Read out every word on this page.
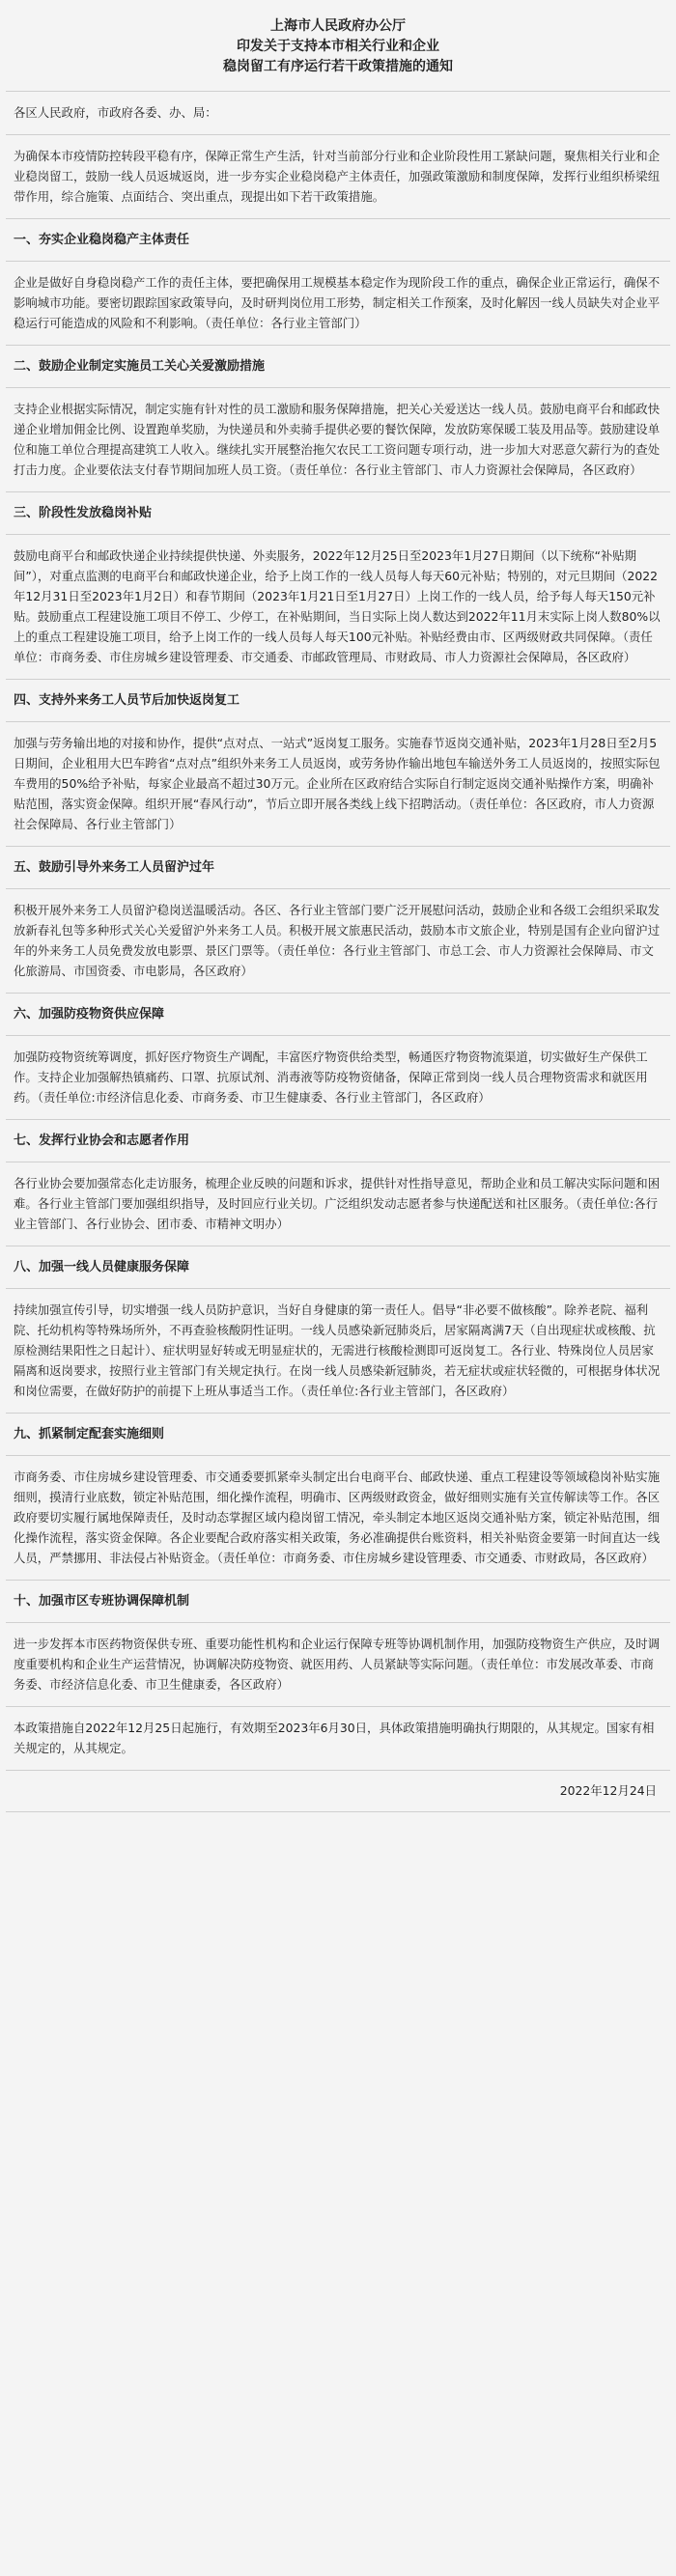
上海市人民政府办公厅
印发关于支持本市相关行业和企业
稳岗留工有序运行若干政策措施的通知

各区人民政府，市政府各委、办、局：

为确保本市疫情防控转段平稳有序，保障正常生产生活，针对当前部分行业和企业阶段性用工紧缺问题，聚焦相关行业和企业稳岗留工，鼓励一线人员返城返岗，进一步夯实企业稳岗稳产主体责任，加强政策激励和制度保障，发挥行业组织桥梁纽带作用，综合施策、点面结合、突出重点，现提出如下若干政策措施。

一、夯实企业稳岗稳产主体责任

企业是做好自身稳岗稳产工作的责任主体，要把确保用工规模基本稳定作为现阶段工作的重点，确保企业正常运行，确保不影响城市功能。要密切跟踪国家政策导向，及时研判岗位用工形势，制定相关工作预案，及时化解因一线人员缺失对企业平稳运行可能造成的风险和不利影响。（责任单位：各行业主管部门）

二、鼓励企业制定实施员工关心关爱激励措施

支持企业根据实际情况，制定实施有针对性的员工激励和服务保障措施，把关心关爱送达一线人员。鼓励电商平台和邮政快递企业增加佣金比例、设置跑单奖励，为快递员和外卖骑手提供必要的餐饮保障，发放防寒保暖工装及用品等。鼓励建设单位和施工单位合理提高建筑工人收入。继续扎实开展整治拖欠农民工工资问题专项行动，进一步加大对恶意欠薪行为的查处打击力度。企业要依法支付春节期间加班人员工资。（责任单位：各行业主管部门、市人力资源社会保障局，各区政府）

三、阶段性发放稳岗补贴

鼓励电商平台和邮政快递企业持续提供快递、外卖服务，2022年12月25日至2023年1月27日期间（以下统称“补贴期间”），对重点监测的电商平台和邮政快递企业，给予上岗工作的一线人员每人每天60元补贴；特别的，对元旦期间（2022年12月31日至2023年1月2日）和春节期间（2023年1月21日至1月27日）上岗工作的一线人员，给予每人每天150元补贴。鼓励重点工程建设施工项目不停工、少停工，在补贴期间，当日实际上岗人数达到2022年11月末实际上岗人数80%以上的重点工程建设施工项目，给予上岗工作的一线人员每人每天100元补贴。补贴经费由市、区两级财政共同保障。（责任单位：市商务委、市住房城乡建设管理委、市交通委、市邮政管理局、市财政局、市人力资源社会保障局，各区政府）

四、支持外来务工人员节后加快返岗复工

加强与劳务输出地的对接和协作，提供“点对点、一站式”返岗复工服务。实施春节返岗交通补贴，2023年1月28日至2月5日期间，企业租用大巴车跨省“点对点”组织外来务工人员返岗，或劳务协作输出地包车输送外务工人员返岗的，按照实际包车费用的50%给予补贴，每家企业最高不超过30万元。企业所在区政府结合实际自行制定返岗交通补贴操作方案，明确补贴范围，落实资金保障。组织开展“春风行动”，节后立即开展各类线上线下招聘活动。（责任单位：各区政府，市人力资源社会保障局、各行业主管部门）

五、鼓励引导外来务工人员留沪过年

积极开展外来务工人员留沪稳岗送温暖活动。各区、各行业主管部门要广泛开展慰问活动，鼓励企业和各级工会组织采取发放新春礼包等多种形式关心关爱留沪外来务工人员。积极开展文旅惠民活动，鼓励本市文旅企业，特别是国有企业向留沪过年的外来务工人员免费发放电影票、景区门票等。（责任单位：各行业主管部门、市总工会、市人力资源社会保障局、市文化旅游局、市国资委、市电影局，各区政府）

六、加强防疫物资供应保障

加强防疫物资统筹调度，抓好医疗物资生产调配，丰富医疗物资供给类型，畅通医疗物资物流渠道，切实做好生产保供工作。支持企业加强解热镇痛药、口罩、抗原试剂、消毒液等防疫物资储备，保障正常到岗一线人员合理物资需求和就医用药。（责任单位:市经济信息化委、市商务委、市卫生健康委、各行业主管部门，各区政府）

七、发挥行业协会和志愿者作用

各行业协会要加强常态化走访服务，梳理企业反映的问题和诉求，提供针对性指导意见，帮助企业和员工解决实际问题和困难。各行业主管部门要加强组织指导，及时回应行业关切。广泛组织发动志愿者参与快递配送和社区服务。（责任单位:各行业主管部门、各行业协会、团市委、市精神文明办）

八、加强一线人员健康服务保障

持续加强宣传引导，切实增强一线人员防护意识，当好自身健康的第一责任人。倡导“非必要不做核酸”。除养老院、福利院、托幼机构等特殊场所外，不再查验核酸阴性证明。一线人员感染新冠肺炎后，居家隔离满7天（自出现症状或核酸、抗原检测结果阳性之日起计）、症状明显好转或无明显症状的，无需进行核酸检测即可返岗复工。各行业、特殊岗位人员居家隔离和返岗要求，按照行业主管部门有关规定执行。在岗一线人员感染新冠肺炎，若无症状或症状轻微的，可根据身体状况和岗位需要，在做好防护的前提下上班从事适当工作。（责任单位:各行业主管部门，各区政府）

九、抓紧制定配套实施细则

市商务委、市住房城乡建设管理委、市交通委要抓紧牵头制定出台电商平台、邮政快递、重点工程建设等领域稳岗补贴实施细则，摸清行业底数，锁定补贴范围，细化操作流程，明确市、区两级财政资金，做好细则实施有关宣传解读等工作。各区政府要切实履行属地保障责任，及时动态掌握区域内稳岗留工情况，牵头制定本地区返岗交通补贴方案，锁定补贴范围，细化操作流程，落实资金保障。各企业要配合政府落实相关政策，务必准确提供台账资料，相关补贴资金要第一时间直达一线人员，严禁挪用、非法侵占补贴资金。（责任单位：市商务委、市住房城乡建设管理委、市交通委、市财政局，各区政府）

十、加强市区专班协调保障机制

进一步发挥本市医药物资保供专班、重要功能性机构和企业运行保障专班等协调机制作用，加强防疫物资生产供应，及时调度重要机构和企业生产运营情况，协调解决防疫物资、就医用药、人员紧缺等实际问题。（责任单位：市发展改革委、市商务委、市经济信息化委、市卫生健康委，各区政府）

本政策措施自2022年12月25日起施行，有效期至2023年6月30日，具体政策措施明确执行期限的，从其规定。国家有相关规定的，从其规定。

2022年12月24日
